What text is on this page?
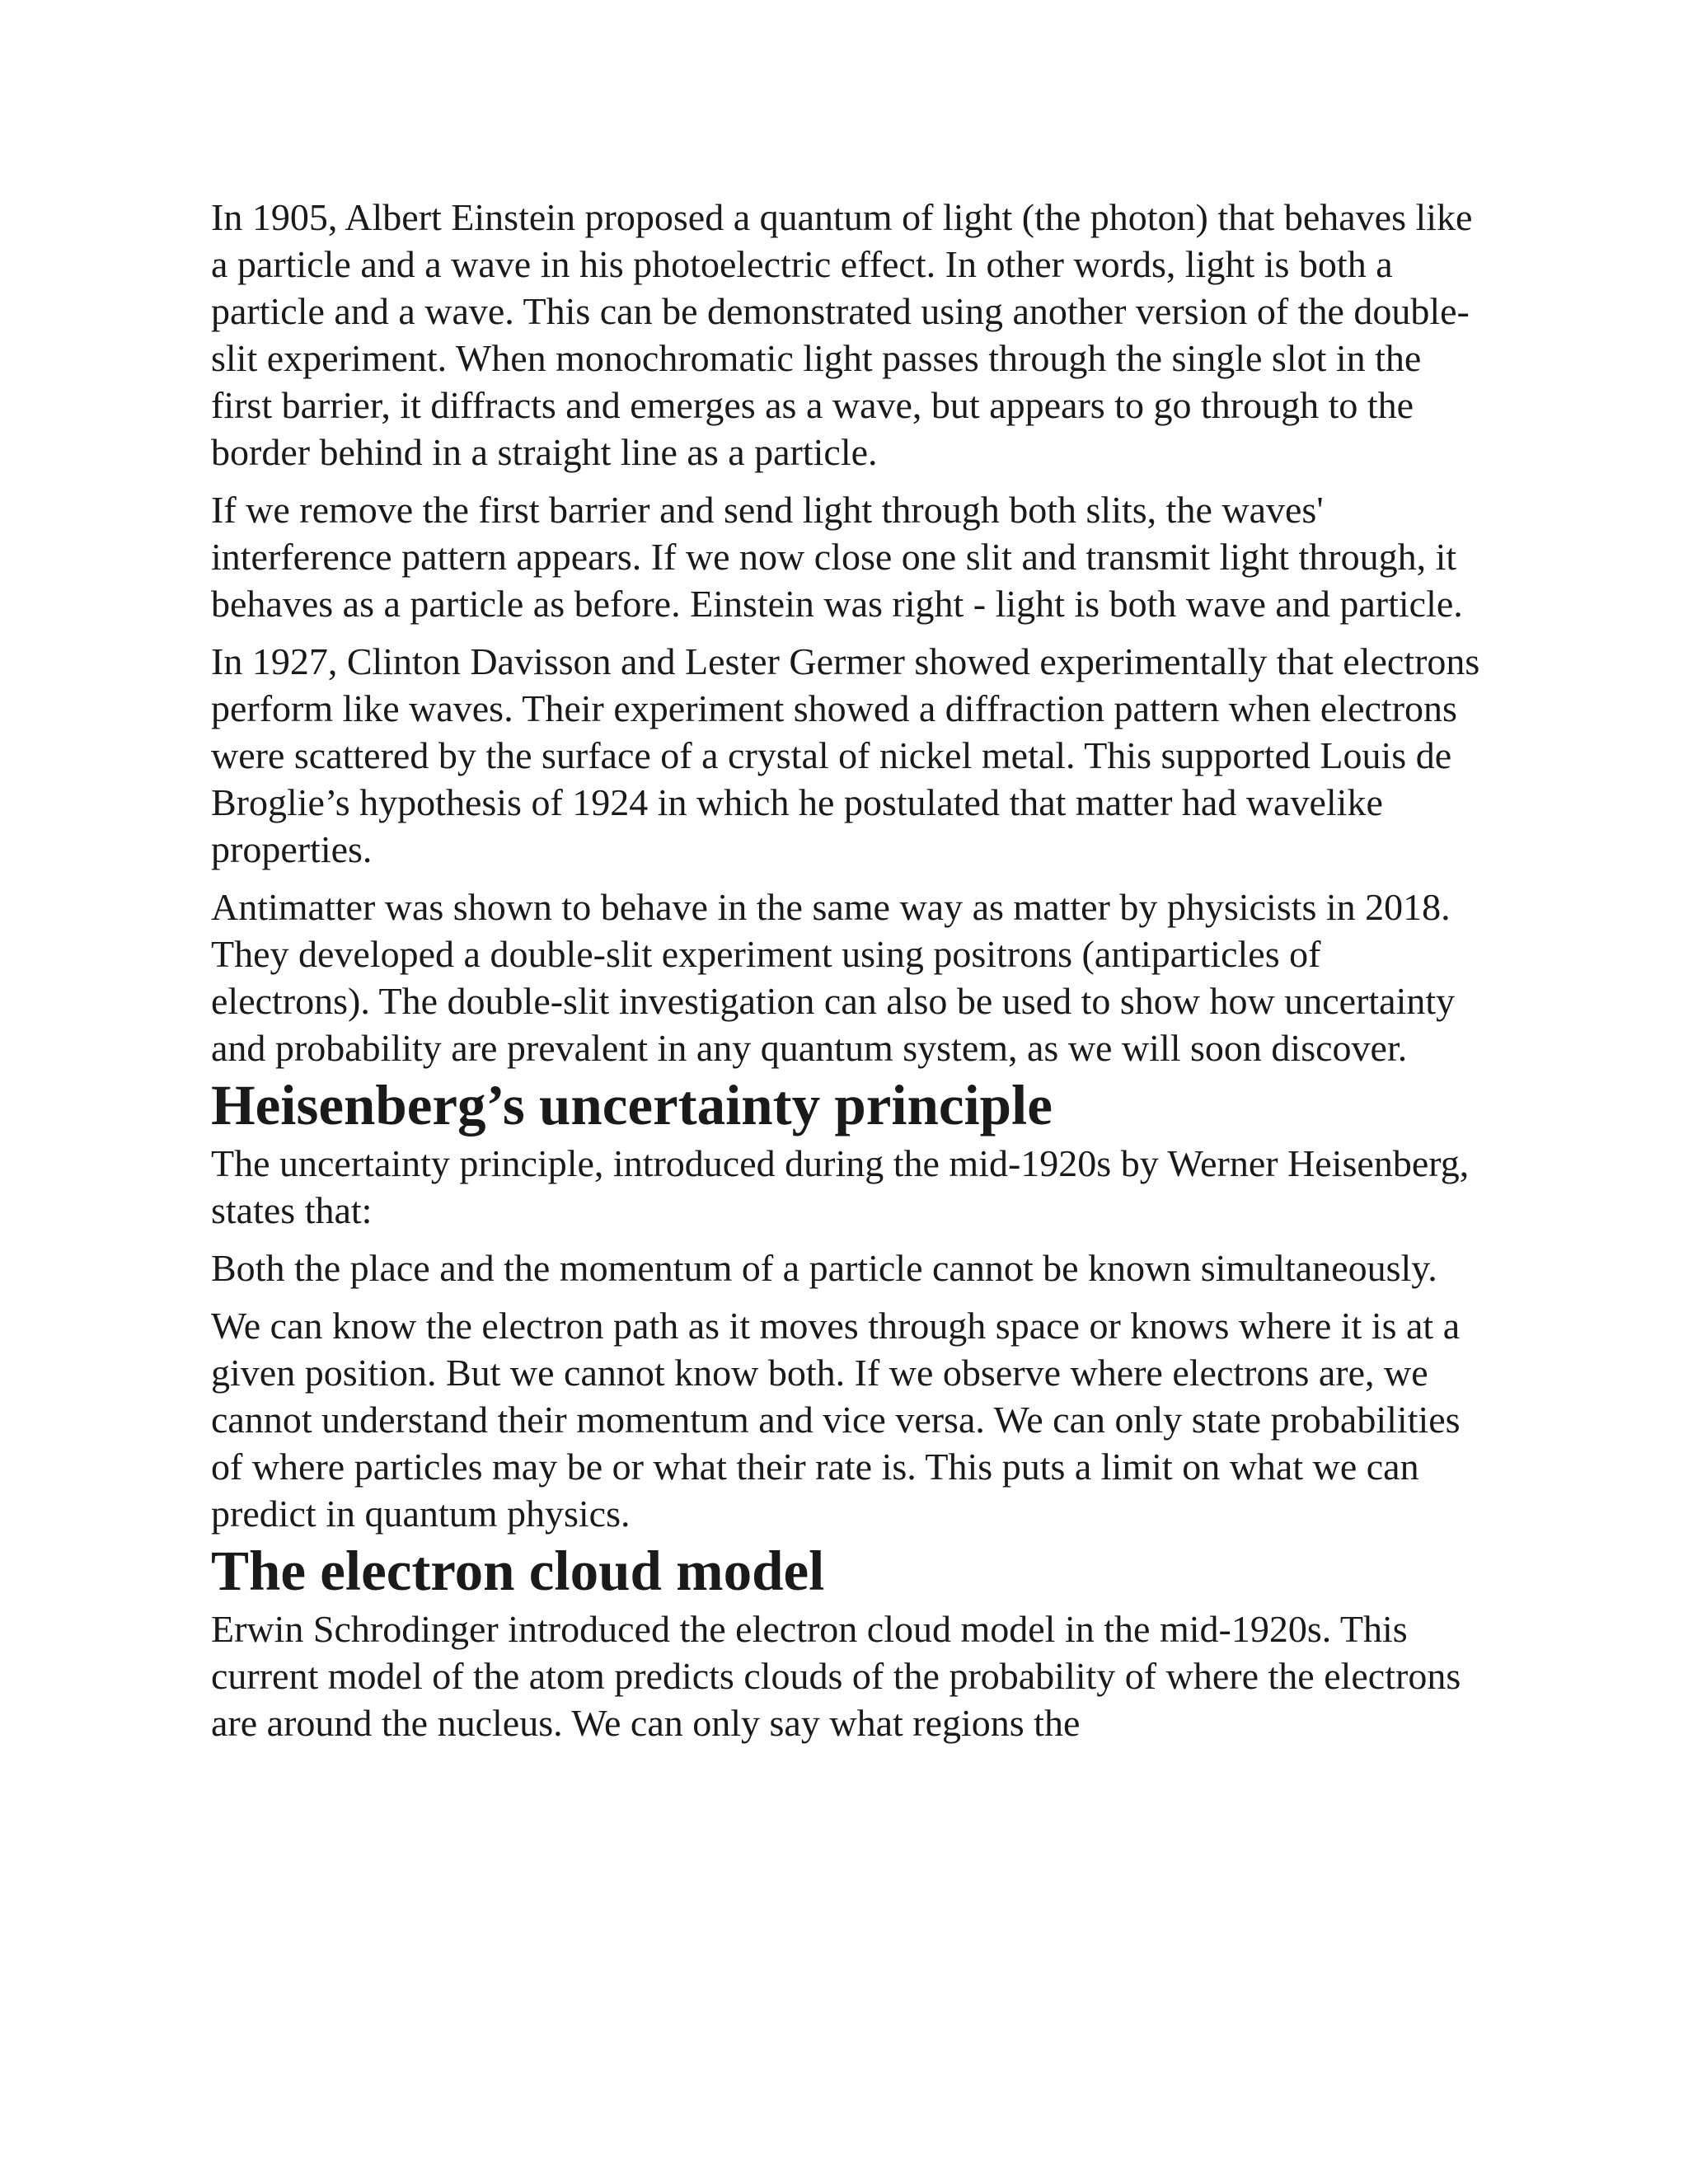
In 1905, Albert Einstein proposed a quantum of light (the photon) that behaves like a particle and a wave in his photoelectric effect. In other words, light is both a particle and a wave. This can be demonstrated using another version of the double-slit experiment. When monochromatic light passes through the single slot in the first barrier, it diffracts and emerges as a wave, but appears to go through to the border behind in a straight line as a particle.

If we remove the first barrier and send light through both slits, the waves' interference pattern appears. If we now close one slit and transmit light through, it behaves as a particle as before. Einstein was right - light is both wave and particle.

In 1927, Clinton Davisson and Lester Germer showed experimentally that electrons perform like waves. Their experiment showed a diffraction pattern when electrons were scattered by the surface of a crystal of nickel metal. This supported Louis de Broglie’s hypothesis of 1924 in which he postulated that matter had wavelike properties.

Antimatter was shown to behave in the same way as matter by physicists in 2018. They developed a double-slit experiment using positrons (antiparticles of electrons). The double-slit investigation can also be used to show how uncertainty and probability are prevalent in any quantum system, as we will soon discover.

Heisenberg’s uncertainty principle

The uncertainty principle, introduced during the mid-1920s by Werner Heisenberg, states that:

Both the place and the momentum of a particle cannot be known simultaneously.

We can know the electron path as it moves through space or knows where it is at a given position. But we cannot know both. If we observe where electrons are, we cannot understand their momentum and vice versa. We can only state probabilities of where particles may be or what their rate is. This puts a limit on what we can predict in quantum physics.

The electron cloud model

Erwin Schrodinger introduced the electron cloud model in the mid-1920s. This current model of the atom predicts clouds of the probability of where the electrons are around the nucleus. We can only say what regions the
